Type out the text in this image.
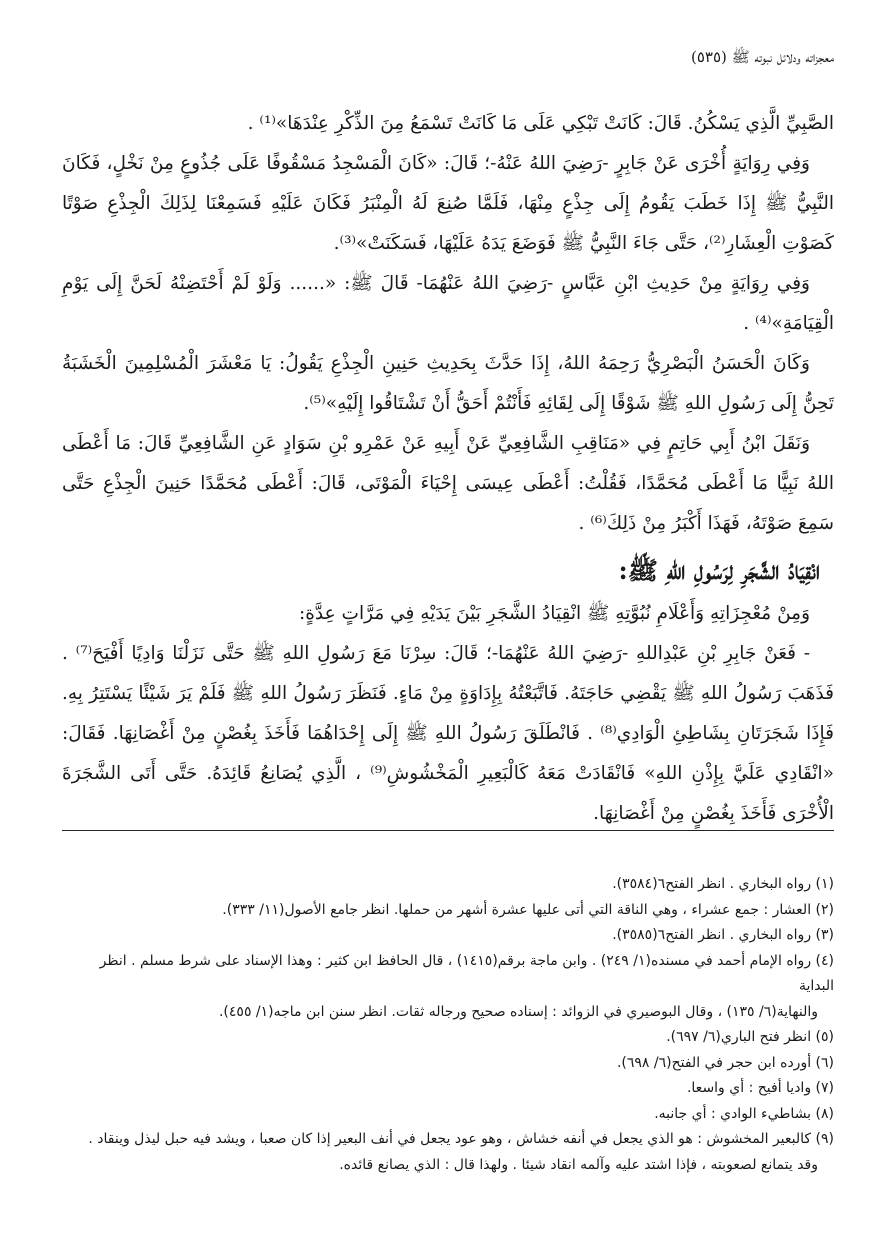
معجزاته ودلائل نبوته ﷺ (٥٣٥)

الصَّبِيِّ الَّذِي يَسْكُنُ. قَالَ: كَانَتْ تَبْكِي عَلَى مَا كَانَتْ تَسْمَعُ مِنَ الذِّكْرِ عِنْدَهَا»⁽¹⁾ .

وَفِي رِوَايَةٍ أُخْرَى عَنْ جَابِرٍ -رَضِيَ اللهُ عَنْهُ-؛ قَالَ: «كَانَ الْمَسْجِدُ مَسْقُوفًا عَلَى جُذُوعٍ مِنْ نَخْلٍ، فَكَانَ النَّبِيُّ ﷺ إِذَا خَطَبَ يَقُومُ إِلَى جِذْعٍ مِنْهَا، فَلَمَّا صُنِعَ لَهُ الْمِنْبَرُ فَكَانَ عَلَيْهِ فَسَمِعْنَا لِذَلِكَ الْجِذْعِ صَوْتًا كَصَوْتِ الْعِشَارِ⁽²⁾، حَتَّى جَاءَ النَّبِيُّ ﷺ فَوَضَعَ يَدَهُ عَلَيْهَا، فَسَكَنَتْ»⁽³⁾.

وَفِي رِوَايَةٍ مِنْ حَدِيثِ ابْنِ عَبَّاسٍ -رَضِيَ اللهُ عَنْهُمَا- قَالَ ﷺ: «...... وَلَوْ لَمْ أَحْتَضِنْهُ لَحَنَّ إِلَى يَوْمِ الْقِيَامَةِ»⁽⁴⁾ .

وَكَانَ الْحَسَنُ الْبَصْرِيُّ رَحِمَهُ اللهُ، إِذَا حَدَّثَ بِحَدِيثِ حَنِينِ الْجِذْعِ يَقُولُ: يَا مَعْشَرَ الْمُسْلِمِينَ الْخَشَبَةُ تَحِنُّ إِلَى رَسُولِ اللهِ ﷺ شَوْقًا إِلَى لِقَائِهِ فَأَنْتُمْ أَحَقُّ أَنْ تَشْتَاقُوا إِلَيْهِ»⁽⁵⁾.

وَنَقَلَ ابْنُ أَبِي حَاتِمٍ فِي «مَنَاقِبِ الشَّافِعِيِّ عَنْ أَبِيهِ عَنْ عَمْرِو بْنِ سَوَادٍ عَنِ الشَّافِعِيِّ قَالَ: مَا أَعْطَى اللهُ نَبِيًّا مَا أَعْطَى مُحَمَّدًا، فَقُلْتُ: أَعْطَى عِيسَى إِحْيَاءَ الْمَوْتَى، قَالَ: أَعْطَى مُحَمَّدًا حَنِينَ الْجِذْعِ حَتَّى سَمِعَ صَوْتَهُ، فَهَذَا أَكْبَرُ مِنْ ذَلِكَ⁽⁶⁾ .

انْقِيَادُ الشَّجَرِ لِرَسُولِ اللهِ ﷺ:

وَمِنْ مُعْجِزَاتِهِ وَأَعْلَامِ نُبُوَّتِهِ ﷺ انْقِيَادُ الشَّجَرِ بَيْنَ يَدَيْهِ فِي مَرَّاتٍ عِدَّةٍ:

- فَعَنْ جَابِرِ بْنِ عَبْدِاللهِ -رَضِيَ اللهُ عَنْهُمَا-؛ قَالَ: سِرْنَا مَعَ رَسُولِ اللهِ ﷺ حَتَّى نَزَلْنَا وَادِيًا أَفْيَحَ⁽⁷⁾ . فَذَهَبَ رَسُولُ اللهِ ﷺ يَقْضِي حَاجَتَهُ. فَاتَّبَعْتُهُ بِإِدَاوَةٍ مِنْ مَاءٍ. فَنَظَرَ رَسُولُ اللهِ ﷺ فَلَمْ يَرَ شَيْئًا يَسْتَتِرُ بِهِ. فَإِذَا شَجَرَتَانِ بِشَاطِئِ الْوَادِي⁽⁸⁾ . فَانْطَلَقَ رَسُولُ اللهِ ﷺ إِلَى إِحْدَاهُمَا فَأَخَذَ بِغُصْنٍ مِنْ أَغْصَانِهَا. فَقَالَ: «انْقَادِي عَلَيَّ بِإِذْنِ اللهِ» فَانْقَادَتْ مَعَهُ كَالْبَعِيرِ الْمَخْشُوشِ⁽⁹⁾ ، الَّذِي يُصَانِعُ قَائِدَهُ. حَتَّى أَتَى الشَّجَرَةَ الْأُخْرَى فَأَخَذَ بِغُصْنٍ مِنْ أَغْصَانِهَا.

(١) رواه البخاري . انظر الفتح٦(٣٥٨٤).
(٢) العشار : جمع عشراء ، وهي الناقة التي أتى عليها عشرة أشهر من حملها. انظر جامع الأصول(١١/ ٣٣٣).
(٣) رواه البخاري . انظر الفتح٦(٣٥٨٥).
(٤) رواه الإمام أحمد في مسنده(١/ ٢٤٩) . وابن ماجة برقم(١٤١٥) ، قال الحافظ ابن كثير : وهذا الإسناد على شرط مسلم . انظر البداية
والنهاية(٦/ ١٣٥) ، وقال البوصيري في الزوائد : إسناده صحيح ورجاله ثقات. انظر سنن ابن ماجه(١/ ٤٥٥).
(٥) انظر فتح الباري(٦/ ٦٩٧).
(٦) أورده ابن حجر في الفتح(٦/ ٦٩٨).
(٧) واديا أفيح : أي واسعا.
(٨) بشاطيء الوادي : أي جانبه.
(٩) كالبعير المخشوش : هو الذي يجعل في أنفه خشاش ، وهو عود يجعل في أنف البعير إذا كان صعبا ، ويشد فيه حبل ليذل وينقاد .
وقد يتمانع لصعوبته ، فإذا اشتد عليه وآلمه انقاد شيئا . ولهذا قال : الذي يصانع قائده.
